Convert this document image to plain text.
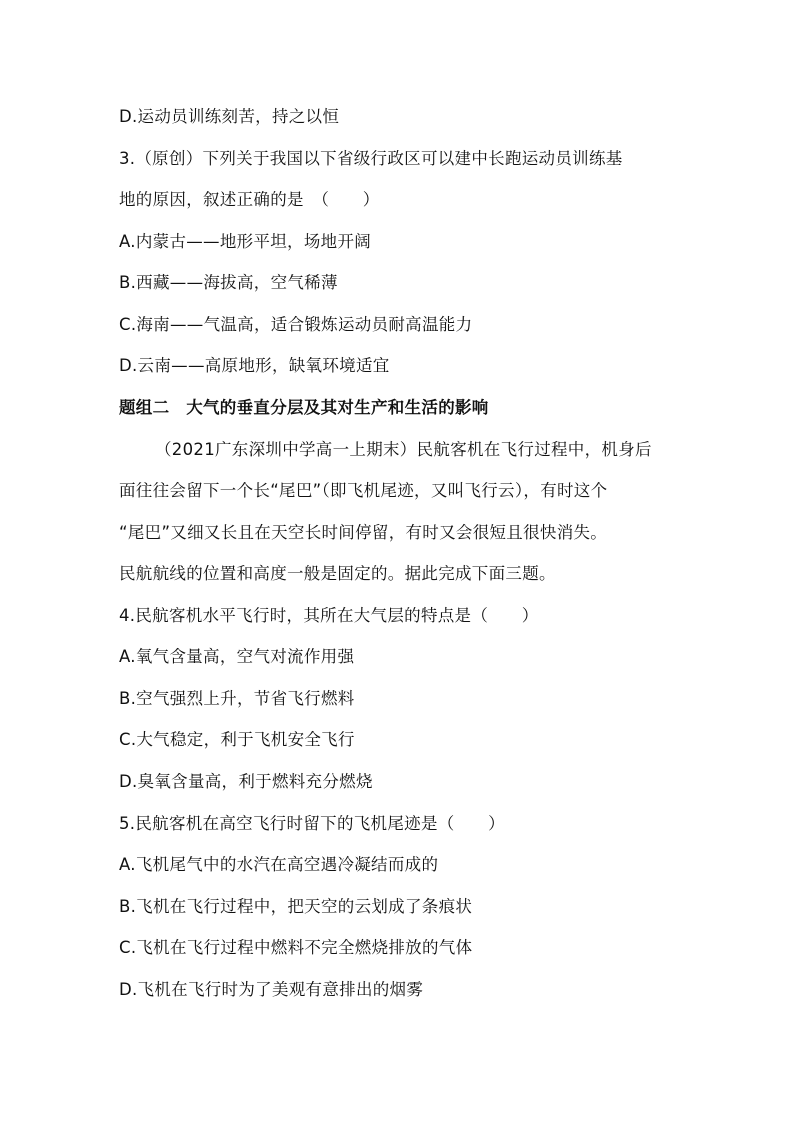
D.运动员训练刻苦，持之以恒
3.（原创）下列关于我国以下省级行政区可以建中长跑运动员训练基
地的原因，叙述正确的是　（　　）
A.内蒙古——地形平坦，场地开阔
B.西藏——海拔高，空气稀薄
C.海南——气温高，适合锻炼运动员耐高温能力
D.云南——高原地形，缺氧环境适宜
题组二　大气的垂直分层及其对生产和生活的影响
（2021广东深圳中学高一上期末）民航客机在飞行过程中，机身后
面往往会留下一个长“尾巴”（即飞机尾迹，又叫飞行云），有时这个
“尾巴”又细又长且在天空长时间停留，有时又会很短且很快消失。
民航航线的位置和高度一般是固定的。据此完成下面三题。
4.民航客机水平飞行时，其所在大气层的特点是（　　）
A.氧气含量高，空气对流作用强
B.空气强烈上升，节省飞行燃料
C.大气稳定，利于飞机安全飞行
D.臭氧含量高，利于燃料充分燃烧
5.民航客机在高空飞行时留下的飞机尾迹是（　　）
A.飞机尾气中的水汽在高空遇冷凝结而成的
B.飞机在飞行过程中，把天空的云划成了条痕状
C.飞机在飞行过程中燃料不完全燃烧排放的气体
D.飞机在飞行时为了美观有意排出的烟雾
